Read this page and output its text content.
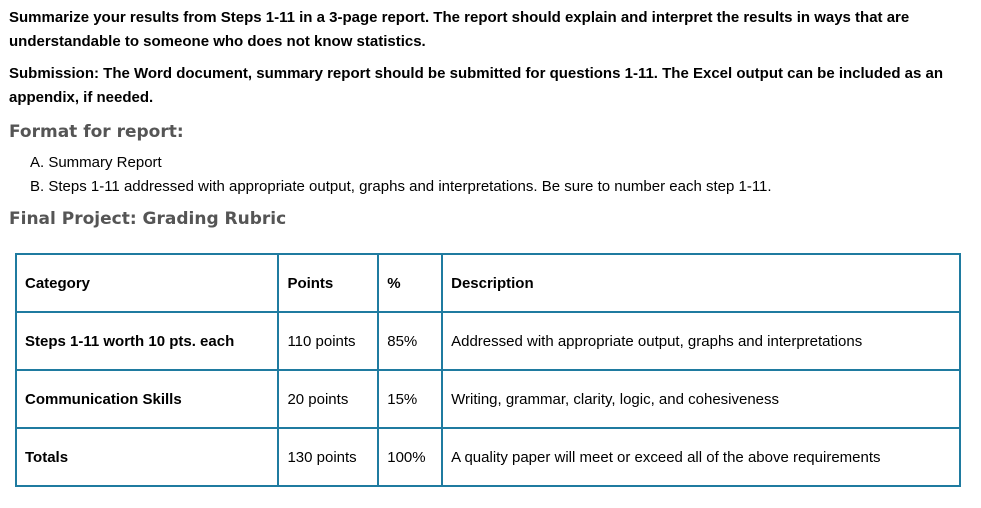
Summarize your results from Steps 1-11 in a 3-page report. The report should explain and interpret the results in ways that are understandable to someone who does not know statistics.

Submission: The Word document, summary report should be submitted for questions 1-11. The Excel output can be included as an appendix, if needed.

Format for report:
A. Summary Report
B. Steps 1-11 addressed with appropriate output, graphs and interpretations. Be sure to number each step 1-11.
Final Project: Grading Rubric
Category	Points	%	Description
Steps 1-11 worth 10 pts. each	110 points	85%	Addressed with appropriate output, graphs and interpretations
Communication Skills	20 points	15%	Writing, grammar, clarity, logic, and cohesiveness
Totals	130 points	100%	A quality paper will meet or exceed all of the above requirements
